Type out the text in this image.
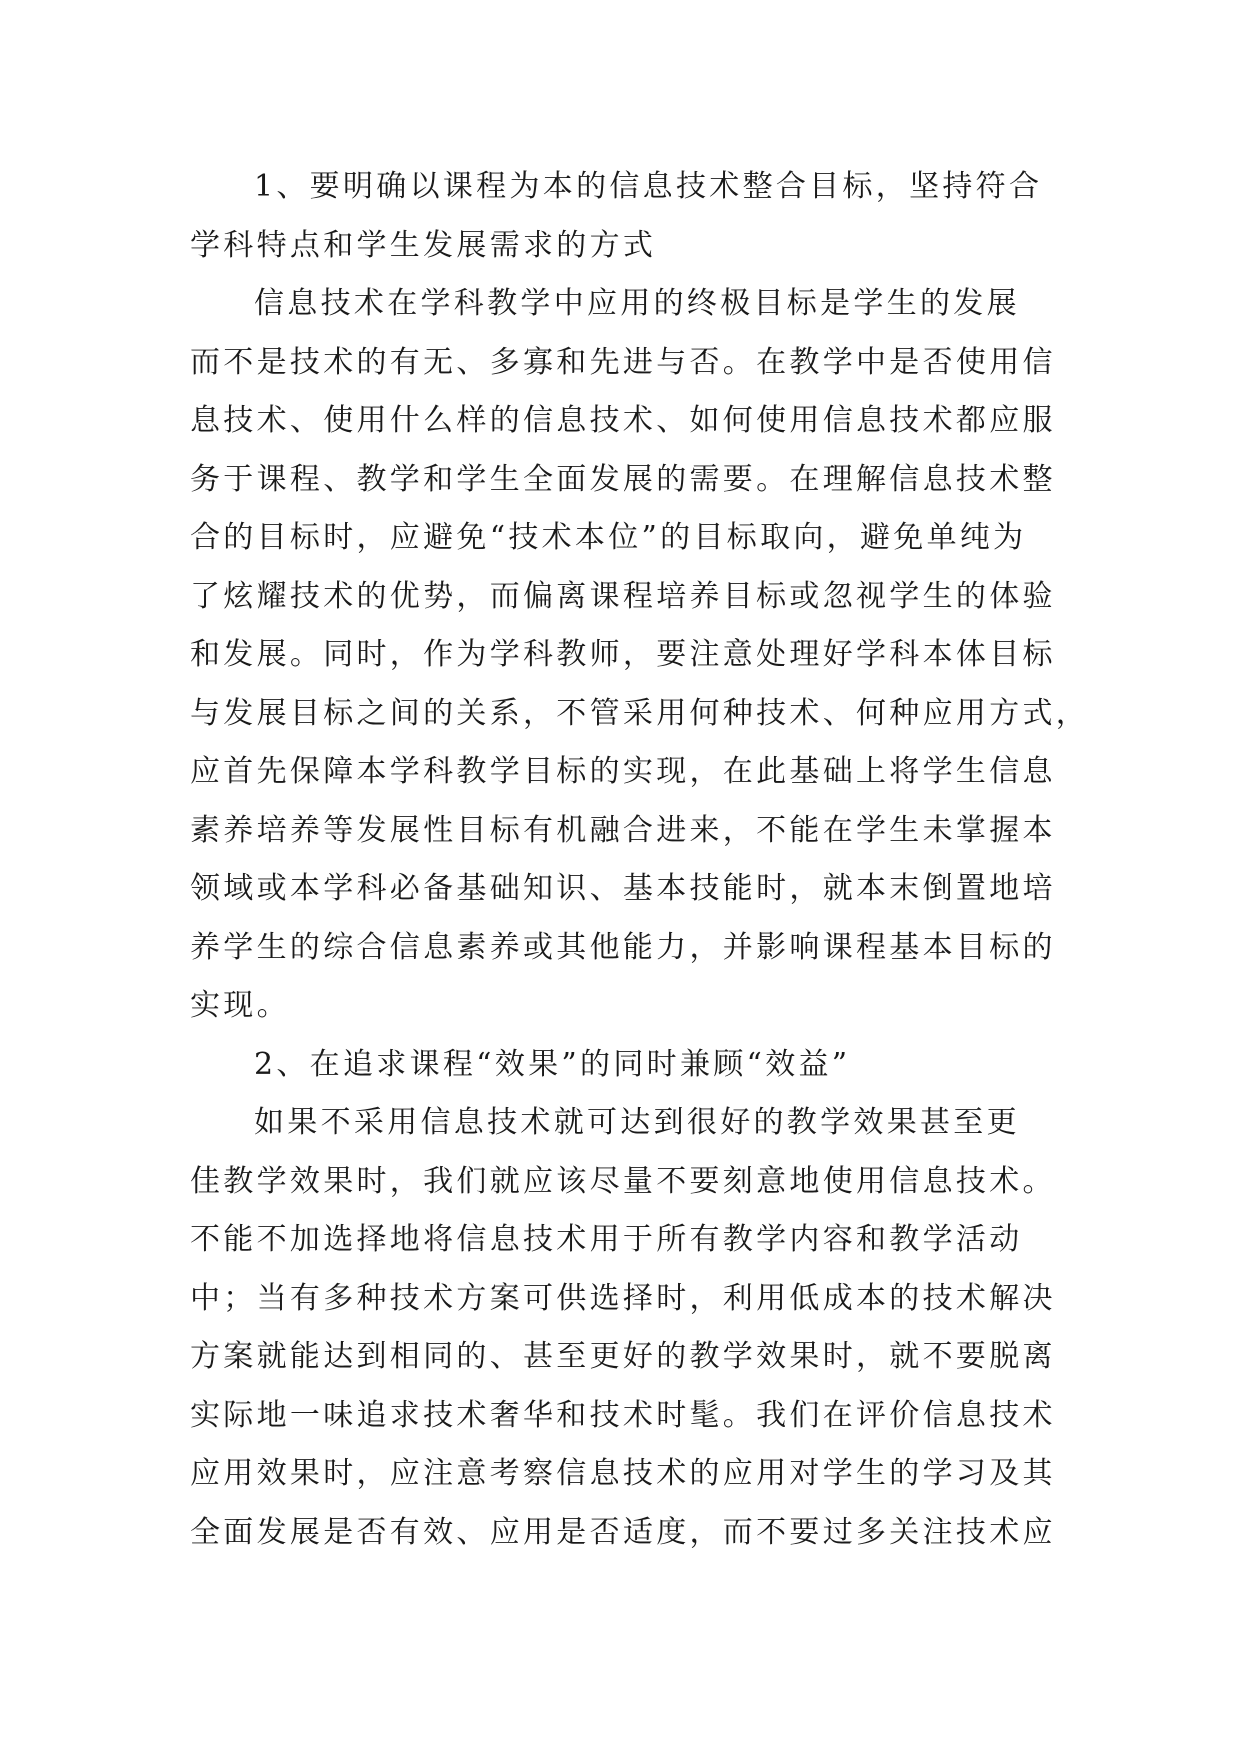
1、要明确以课程为本的信息技术整合目标，坚持符合
学科特点和学生发展需求的方式
信息技术在学科教学中应用的终极目标是学生的发展
而不是技术的有无、多寡和先进与否。在教学中是否使用信
息技术、使用什么样的信息技术、如何使用信息技术都应服
务于课程、教学和学生全面发展的需要。在理解信息技术整
合的目标时，应避免“技术本位”的目标取向，避免单纯为
了炫耀技术的优势，而偏离课程培养目标或忽视学生的体验
和发展。同时，作为学科教师，要注意处理好学科本体目标
与发展目标之间的关系，不管采用何种技术、何种应用方式，
应首先保障本学科教学目标的实现，在此基础上将学生信息
素养培养等发展性目标有机融合进来，不能在学生未掌握本
领域或本学科必备基础知识、基本技能时，就本末倒置地培
养学生的综合信息素养或其他能力，并影响课程基本目标的
实现。
2、在追求课程“效果”的同时兼顾“效益”
如果不采用信息技术就可达到很好的教学效果甚至更
佳教学效果时，我们就应该尽量不要刻意地使用信息技术。
不能不加选择地将信息技术用于所有教学内容和教学活动
中；当有多种技术方案可供选择时，利用低成本的技术解决
方案就能达到相同的、甚至更好的教学效果时，就不要脱离
实际地一味追求技术奢华和技术时髦。我们在评价信息技术
应用效果时，应注意考察信息技术的应用对学生的学习及其
全面发展是否有效、应用是否适度，而不要过多关注技术应
